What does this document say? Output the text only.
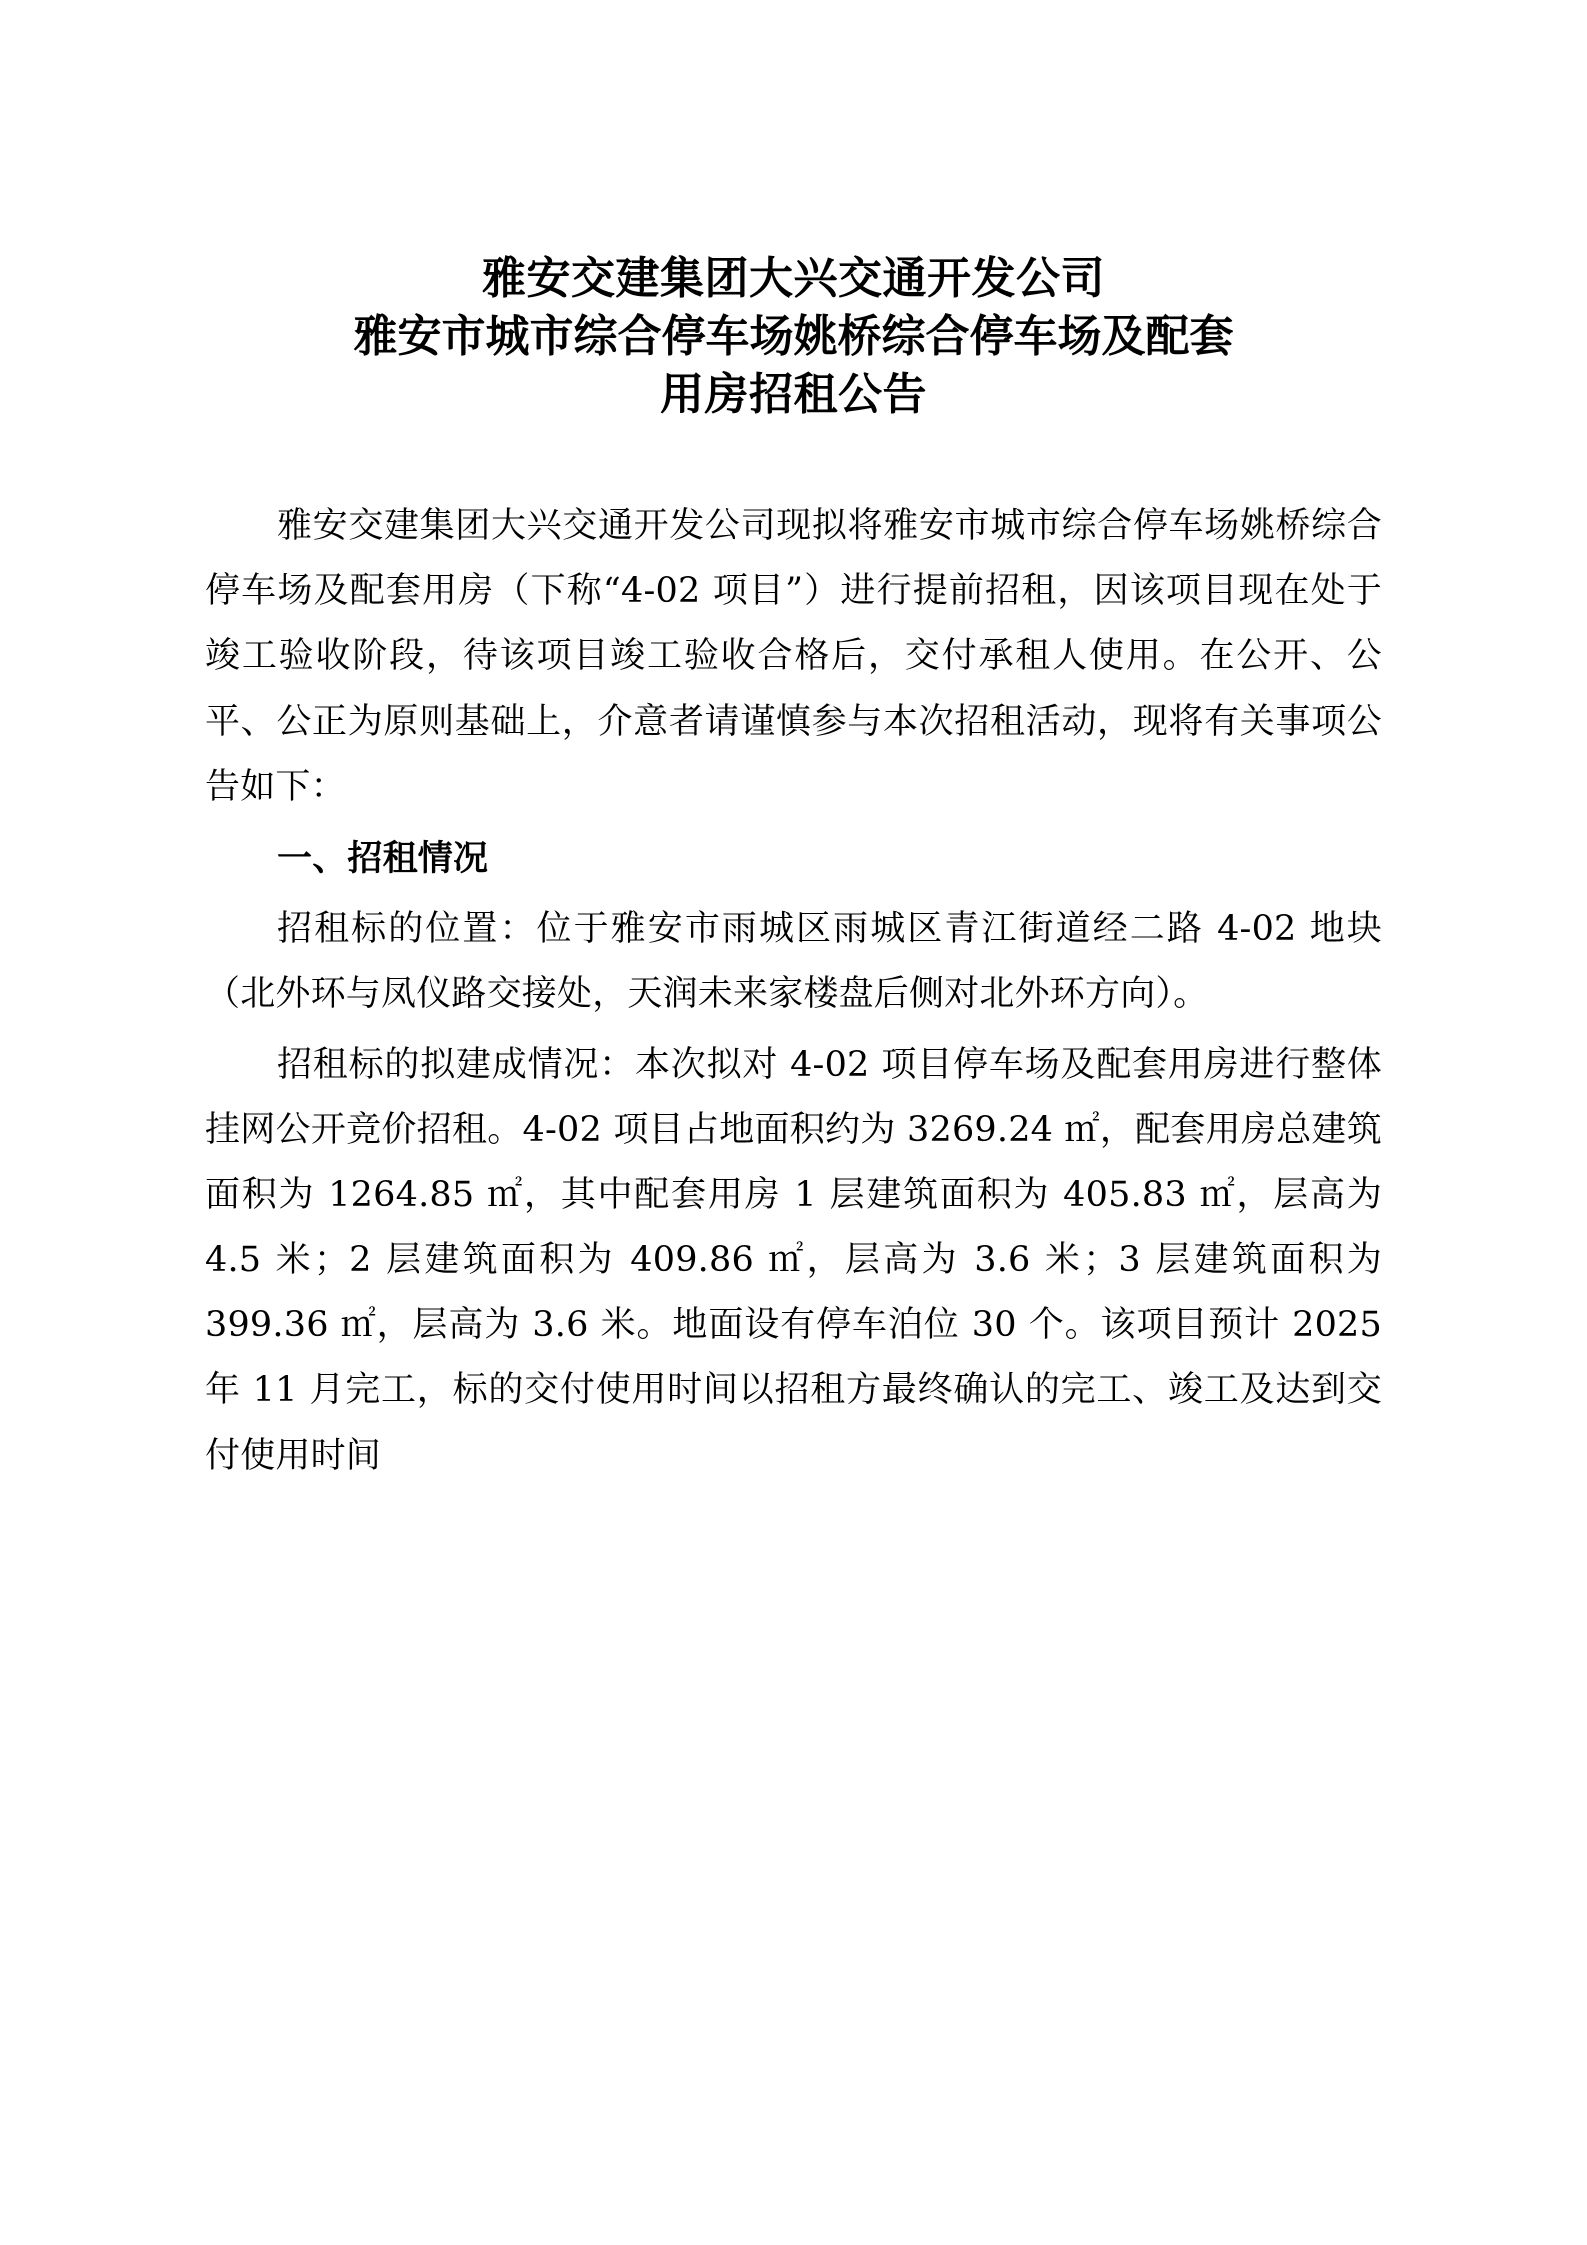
雅安交建集团大兴交通开发公司
雅安市城市综合停车场姚桥综合停车场及配套
用房招租公告

雅安交建集团大兴交通开发公司现拟将雅安市城市综合停车场姚桥综合停车场及配套用房（下称“4-02 项目”）进行提前招租，因该项目现在处于竣工验收阶段，待该项目竣工验收合格后，交付承租人使用。在公开、公平、公正为原则基础上，介意者请谨慎参与本次招租活动，现将有关事项公告如下：

一、招租情况

招租标的位置：位于雅安市雨城区雨城区青江街道经二路 4-02 地块（北外环与凤仪路交接处，天润未来家楼盘后侧对北外环方向）。

招租标的拟建成情况：本次拟对 4-02 项目停车场及配套用房进行整体挂网公开竞价招租。4-02 项目占地面积约为 3269.24 ㎡，配套用房总建筑面积为 1264.85 ㎡，其中配套用房 1 层建筑面积为 405.83 ㎡，层高为 4.5 米；2 层建筑面积为 409.86 ㎡，层高为 3.6 米；3 层建筑面积为 399.36 ㎡，层高为 3.6 米。地面设有停车泊位 30 个。该项目预计 2025 年 11 月完工，标的交付使用时间以招租方最终确认的完工、竣工及达到交付使用时间
